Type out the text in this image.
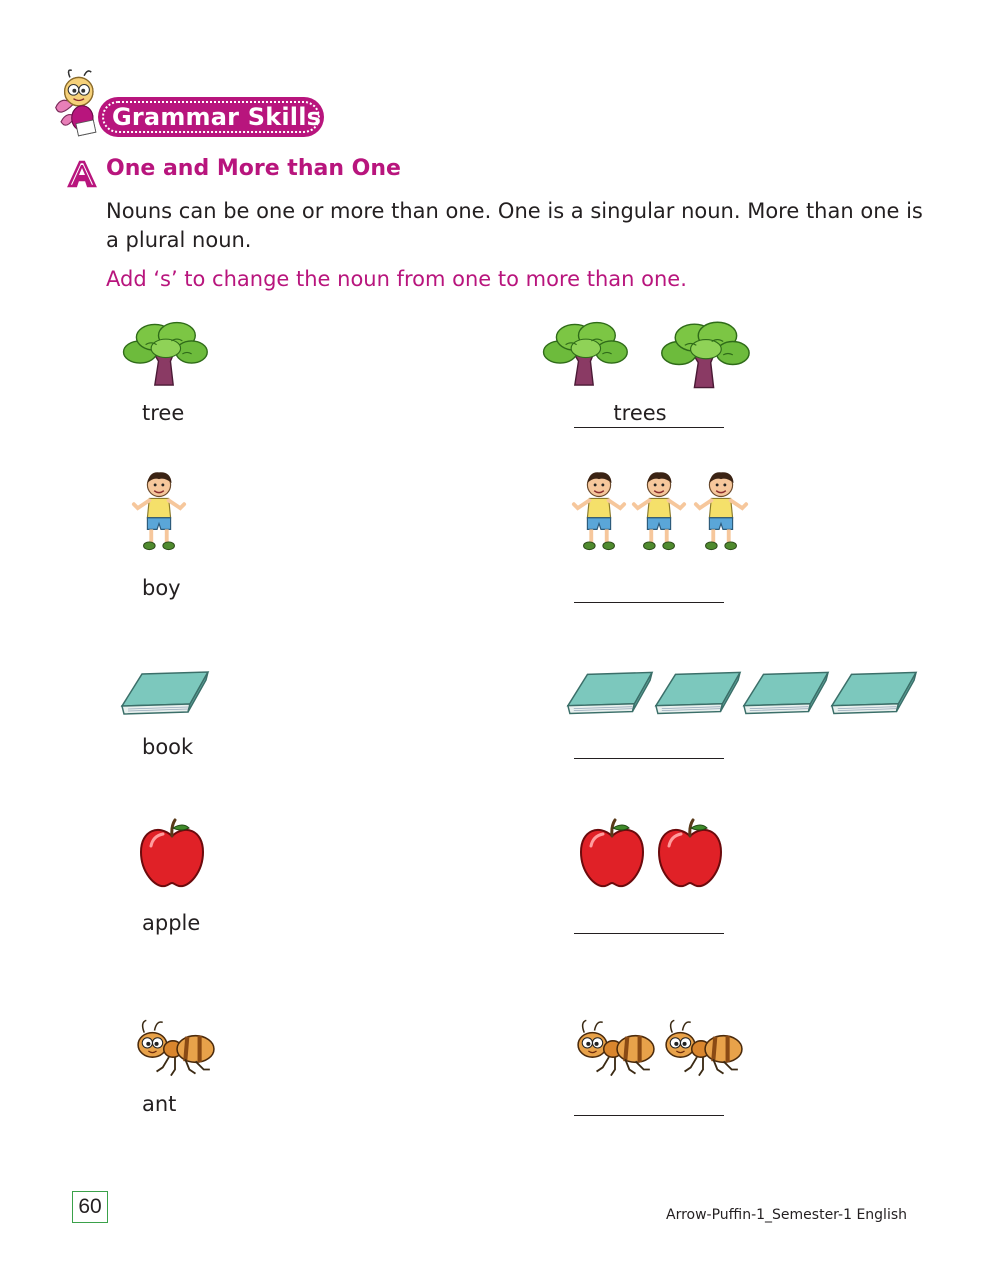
Grammar Skills
One and More than One
Nouns can be one or more than one. One is a singular noun. More than one is a plural noun.
Add ‘s’ to change the noun from one to more than one.
tree	trees
boy
book
apple
ant
60	Arrow-Puffin-1_Semester-1 English
